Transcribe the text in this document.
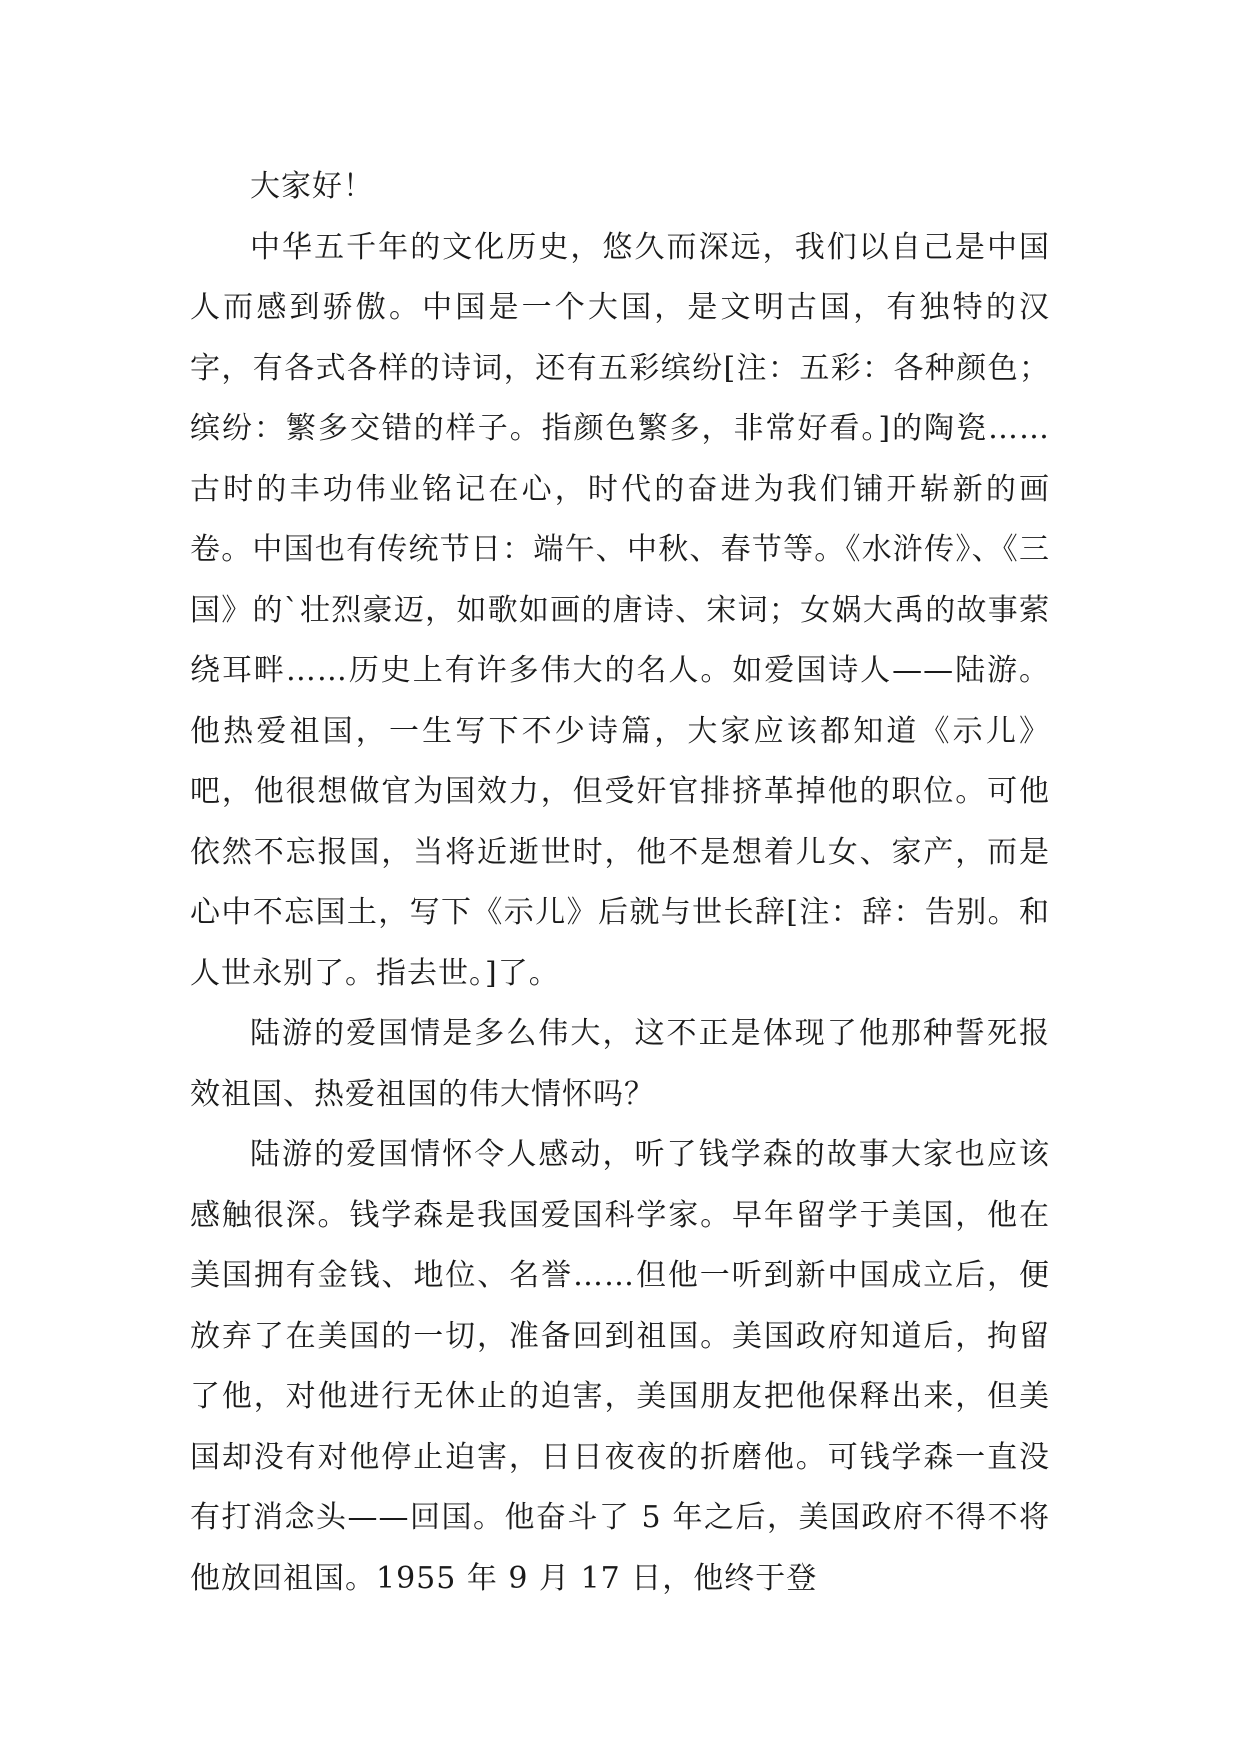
大家好！

中华五千年的文化历史，悠久而深远，我们以自己是中国人而感到骄傲。中国是一个大国，是文明古国，有独特的汉字，有各式各样的诗词，还有五彩缤纷[注：五彩：各种颜色；缤纷：繁多交错的样子。指颜色繁多，非常好看。]的陶瓷……古时的丰功伟业铭记在心，时代的奋进为我们铺开崭新的画卷。中国也有传统节日：端午、中秋、春节等。《水浒传》、《三国》的`壮烈豪迈，如歌如画的唐诗、宋词；女娲大禹的故事萦绕耳畔……历史上有许多伟大的名人。如爱国诗人——陆游。他热爱祖国，一生写下不少诗篇，大家应该都知道《示儿》吧，他很想做官为国效力，但受奸官排挤革掉他的职位。可他依然不忘报国，当将近逝世时，他不是想着儿女、家产，而是心中不忘国土，写下《示儿》后就与世长辞[注：辞：告别。和人世永别了。指去世。]了。

陆游的爱国情是多么伟大，这不正是体现了他那种誓死报效祖国、热爱祖国的伟大情怀吗？

陆游的爱国情怀令人感动，听了钱学森的故事大家也应该感触很深。钱学森是我国爱国科学家。早年留学于美国，他在美国拥有金钱、地位、名誉……但他一听到新中国成立后，便放弃了在美国的一切，准备回到祖国。美国政府知道后，拘留了他，对他进行无休止的迫害，美国朋友把他保释出来，但美国却没有对他停止迫害，日日夜夜的折磨他。可钱学森一直没有打消念头——回国。他奋斗了 5 年之后，美国政府不得不将他放回祖国。1955 年 9 月 17 日，他终于登
